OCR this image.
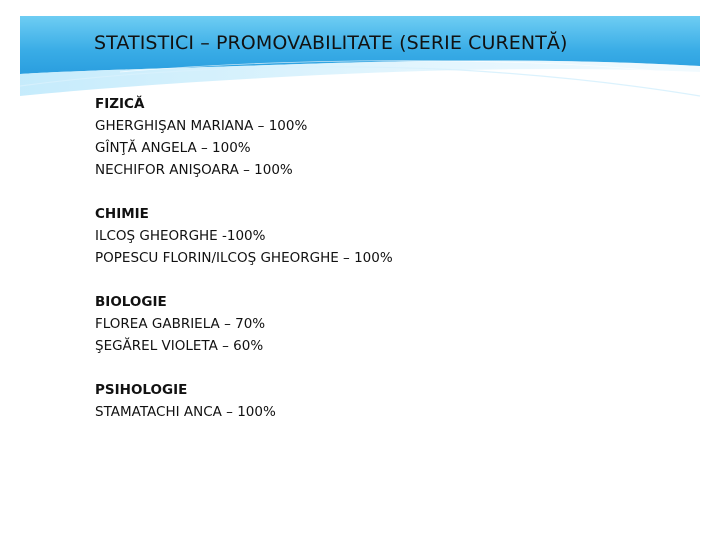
STATISTICI – PROMOVABILITATE (SERIE CURENTĂ)
FIZICĂ
GHERGHIŞAN MARIANA – 100%
GÎNŢĂ ANGELA – 100%
NECHIFOR ANIŞOARA – 100%
CHIMIE
ILCOŞ GHEORGHE -100%
POPESCU FLORIN/ILCOŞ GHEORGHE – 100%
BIOLOGIE
FLOREA GABRIELA – 70%
ŞEGĂREL VIOLETA – 60%
PSIHOLOGIE
STAMATACHI ANCA – 100%
